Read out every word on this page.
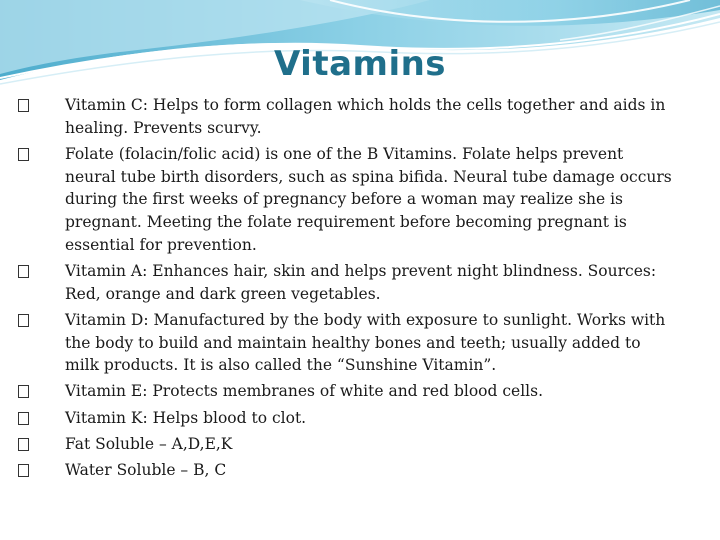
Vitamins
Vitamin C: Helps to form collagen which holds the cells together and aids in healing. Prevents scurvy.
Folate (folacin/folic acid) is one of the B Vitamins. Folate helps prevent neural tube birth disorders, such as spina bifida. Neural tube damage occurs during the first weeks of pregnancy before a woman may realize she is pregnant. Meeting the folate requirement before becoming pregnant is essential for prevention.
Vitamin A: Enhances hair, skin and helps prevent night blindness. Sources: Red, orange and dark green vegetables.
Vitamin D: Manufactured by the body with exposure to sunlight. Works with the body to build and maintain healthy bones and teeth; usually added to milk products. It is also called the “Sunshine Vitamin”.
Vitamin E: Protects membranes of white and red blood cells.
Vitamin K: Helps blood to clot.
Fat Soluble – A,D,E,K
Water Soluble – B, C
